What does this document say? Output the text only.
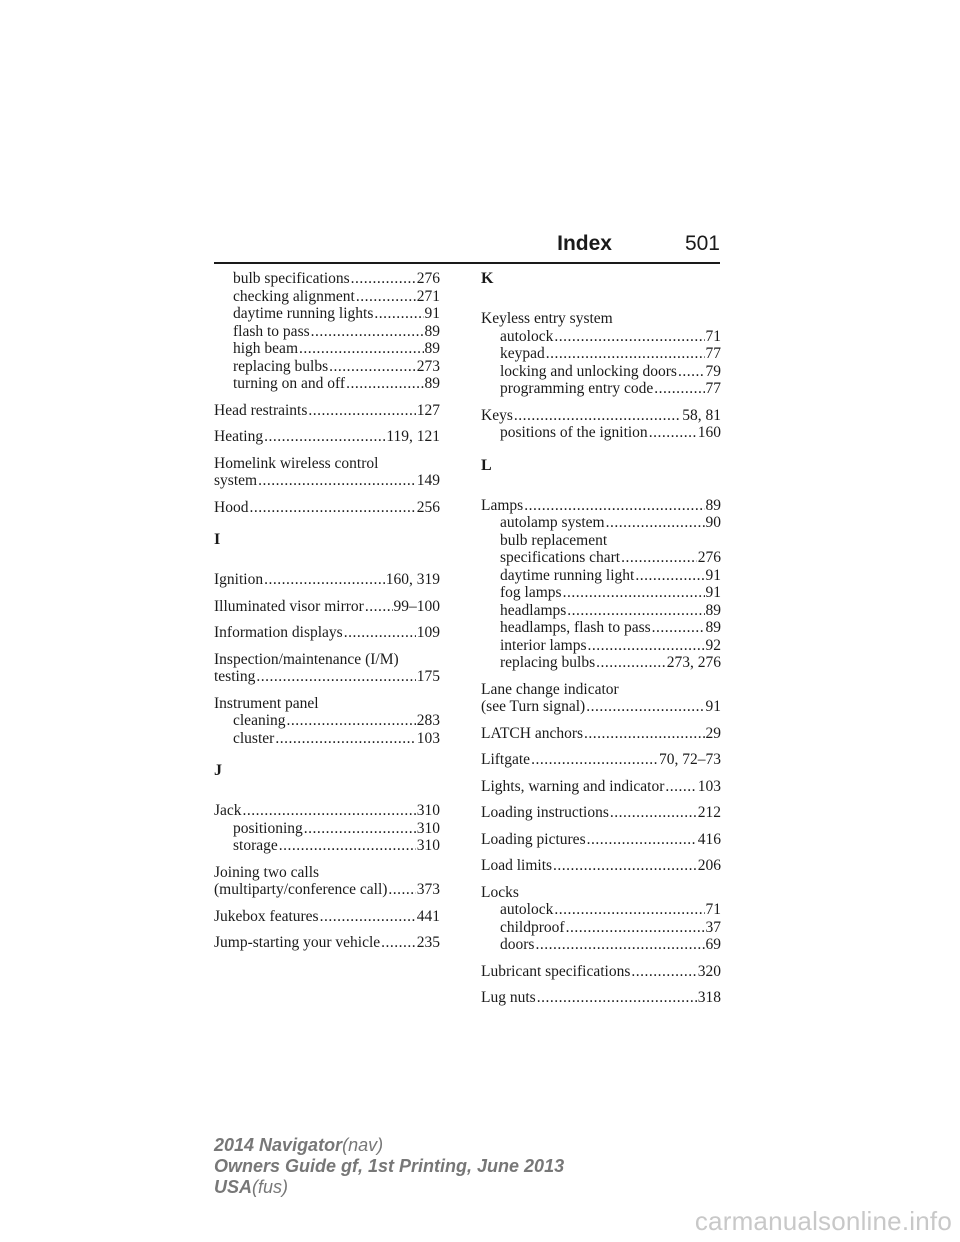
Index	501
bulb specifications .....	276
checking alignment .....	271
daytime running lights .....	91
flash to pass .....	89
high beam .....	89
replacing bulbs .....	273
turning on and off .....	89
Head restraints .....	127
Heating .....	119, 121
Homelink wireless control
system .....	149
Hood .....	256
I
Ignition .....	160, 319
Illuminated visor mirror ..... 99–100
Information displays .....	109
Inspection/maintenance (I/M)
testing .....	175
Instrument panel
cleaning .....	283
cluster .....	103
J
Jack .....	310
positioning .....	310
storage .....	310
Joining two calls
(multiparty/conference call) ..... 373
Jukebox features .....	441
Jump-starting your vehicle ..... 235
K
Keyless entry system
autolock .....	71
keypad .....	77
locking and unlocking doors ..... 79
programming entry code .....	77
Keys .....	58, 81
positions of the ignition .....	160
L
Lamps .....	89
autolamp system .....	90
bulb replacement
specifications chart .....	276
daytime running light .....	91
fog lamps .....	91
headlamps .....	89
headlamps, flash to pass .....	89
interior lamps .....	92
replacing bulbs .....	273, 276
Lane change indicator
(see Turn signal) .....	91
LATCH anchors .....	29
Liftgate .....	70, 72–73
Lights, warning and indicator ..... 103
Loading instructions .....	212
Loading pictures .....	416
Load limits .....	206
Locks
autolock .....	71
childproof .....	37
doors .....	69
Lubricant specifications .....	320
Lug nuts .....	318
2014 Navigator(nav)
Owners Guide gf, 1st Printing, June 2013
USA(fus)
carmanualsonline.info
